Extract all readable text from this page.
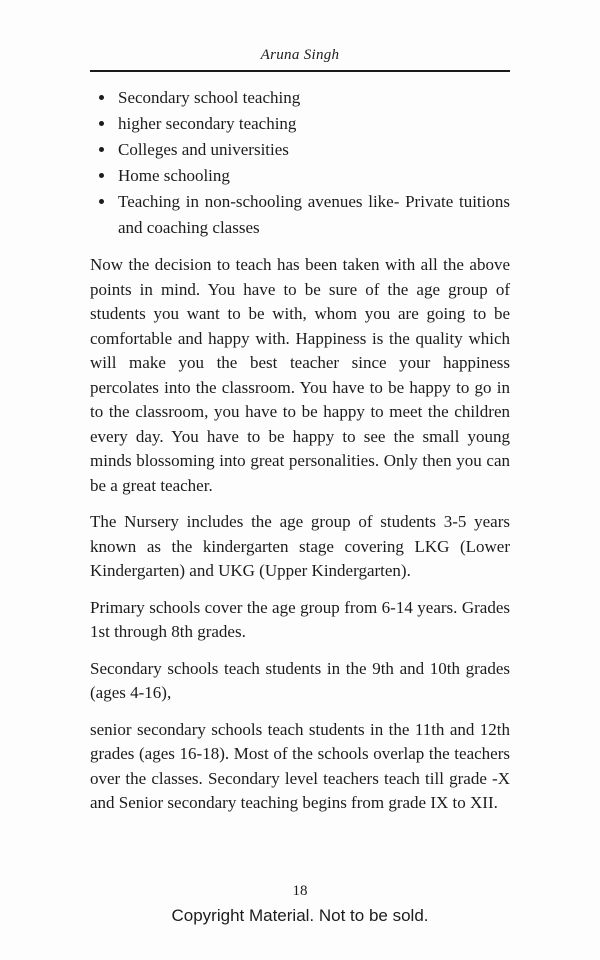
Aruna Singh
• Secondary school teaching
• higher secondary teaching
• Colleges and universities
• Home schooling
• Teaching in non-schooling avenues like- Private tuitions and coaching classes

Now the decision to teach has been taken with all the above points in mind. You have to be sure of the age group of students you want to be with, whom you are going to be comfortable and happy with. Happiness is the quality which will make you the best teacher since your happiness percolates into the classroom. You have to be happy to go in to the classroom, you have to be happy to meet the children every day. You have to be happy to see the small young minds blossoming into great personalities. Only then you can be a great teacher.

The Nursery includes the age group of students 3-5 years known as the kindergarten stage covering LKG (Lower Kindergarten) and UKG (Upper Kindergarten).

Primary schools cover the age group from 6-14 years. Grades 1st through 8th grades.

Secondary schools teach students in the 9th and 10th grades (ages 4-16),

senior secondary schools teach students in the 11th and 12th grades (ages 16-18). Most of the schools overlap the teachers over the classes. Secondary level teachers teach till grade -X and Senior secondary teaching begins from grade IX to XII.

18
Copyright Material. Not to be sold.
